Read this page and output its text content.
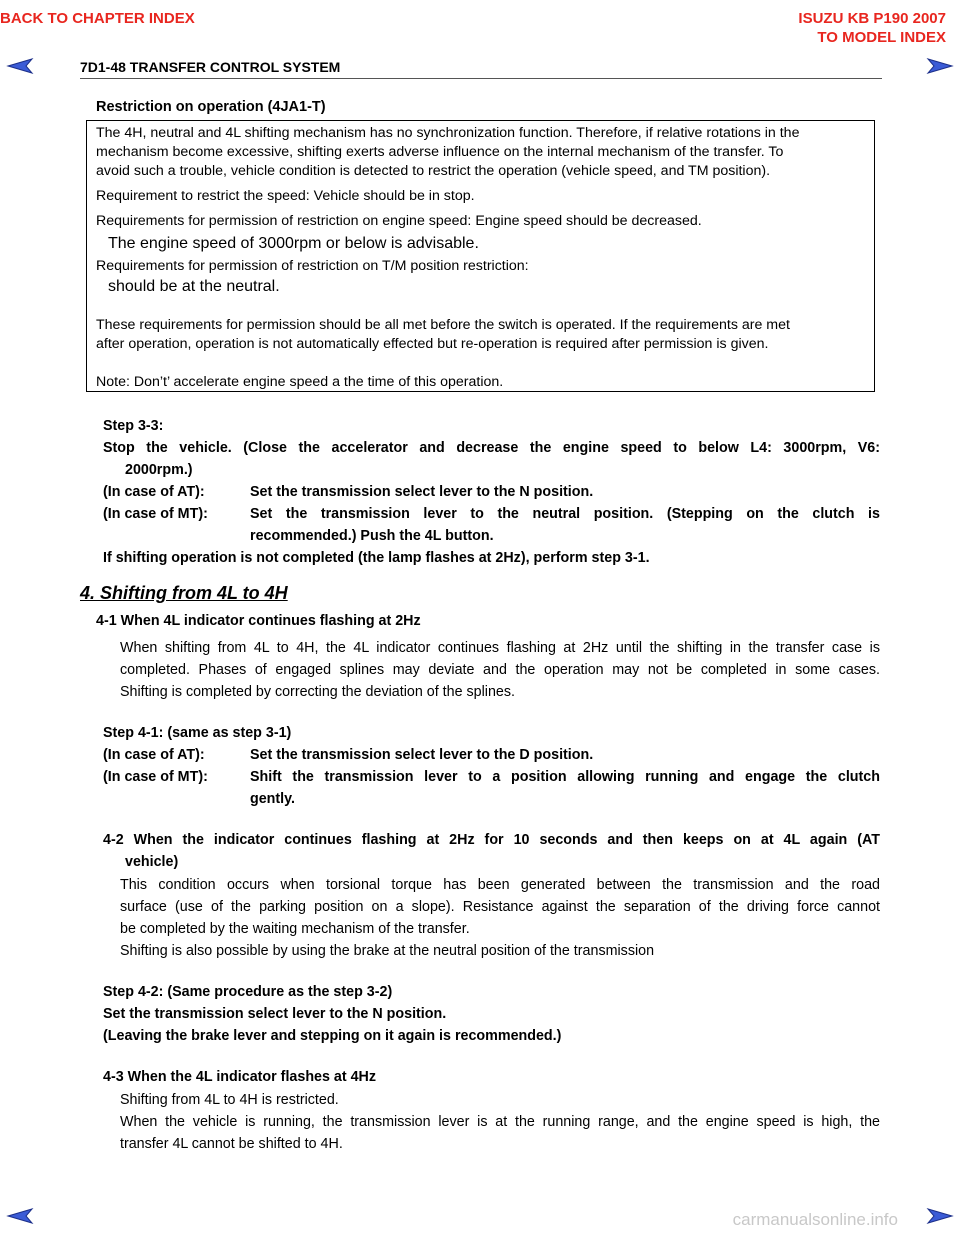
BACK TO CHAPTER INDEX	ISUZU KB P190 2007
TO MODEL INDEX
7D1-48 TRANSFER CONTROL SYSTEM
Restriction on operation (4JA1-T)
The 4H, neutral and 4L shifting mechanism has no synchronization function. Therefore, if relative rotations in the
mechanism become excessive, shifting exerts adverse influence on the internal mechanism of the transfer. To
avoid such a trouble, vehicle condition is detected to restrict the operation (vehicle speed, and TM position).
Requirement to restrict the speed: Vehicle should be in stop.
Requirements for permission of restriction on engine speed: Engine speed should be decreased.
The engine speed of 3000rpm or below is advisable.
Requirements for permission of restriction on T/M position restriction:
should be at the neutral.
These requirements for permission should be all met before the switch is operated. If the requirements are met
after operation, operation is not automatically effected but re-operation is required after permission is given.
Note: Don’t’ accelerate engine speed a the time of this operation.
Step 3-3:
Stop the vehicle. (Close the accelerator and decrease the engine speed to below L4: 3000rpm, V6:
2000rpm.)
(In case of AT):	Set the transmission select lever to the N position.
(In case of MT):	Set the transmission lever to the neutral position. (Stepping on the clutch is
recommended.) Push the 4L button.
If shifting operation is not completed (the lamp flashes at 2Hz), perform step 3-1.
4. Shifting from 4L to 4H
4-1 When 4L indicator continues flashing at 2Hz
When shifting from 4L to 4H, the 4L indicator continues flashing at 2Hz until the shifting in the transfer case is
completed. Phases of engaged splines may deviate and the operation may not be completed in some cases.
Shifting is completed by correcting the deviation of the splines.
Step 4-1: (same as step 3-1)
(In case of AT):	Set the transmission select lever to the D position.
(In case of MT):	Shift the transmission lever to a position allowing running and engage the clutch
gently.
4-2 When the indicator continues flashing at 2Hz for 10 seconds and then keeps on at 4L again (AT
vehicle)
This condition occurs when torsional torque has been generated between the transmission and the road
surface (use of the parking position on a slope). Resistance against the separation of the driving force cannot
be completed by the waiting mechanism of the transfer.
Shifting is also possible by using the brake at the neutral position of the transmission
Step 4-2: (Same procedure as the step 3-2)
Set the transmission select lever to the N position.
(Leaving the brake lever and stepping on it again is recommended.)
4-3 When the 4L indicator flashes at 4Hz
Shifting from 4L to 4H is restricted.
When the vehicle is running, the transmission lever is at the running range, and the engine speed is high, the
transfer 4L cannot be shifted to 4H.
carmanualsonline.info
